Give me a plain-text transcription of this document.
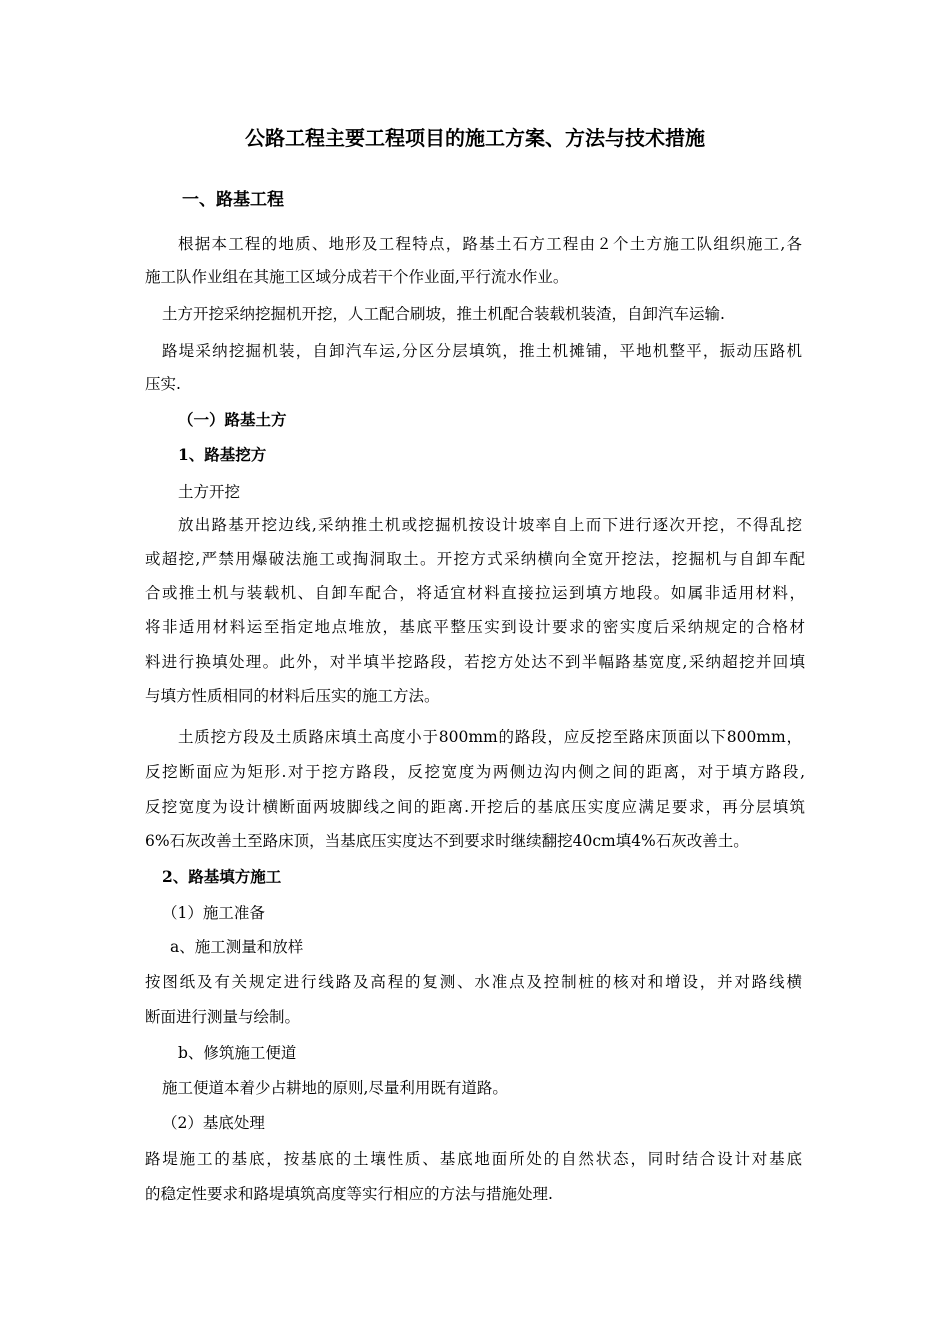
公路工程主要工程项目的施工方案、方法与技术措施
一、路基工程
根据本工程的地质、地形及工程特点，路基土石方工程由２个土方施工队组织施工,各
施工队作业组在其施工区域分成若干个作业面,平行流水作业。
土方开挖采纳挖掘机开挖，人工配合刷坡，推土机配合装载机装渣，自卸汽车运输.
路堤采纳挖掘机装，自卸汽车运,分区分层填筑，推土机摊铺，平地机整平，振动压路机
压实.
（一）路基土方
1、路基挖方
土方开挖
放出路基开挖边线,采纳推土机或挖掘机按设计坡率自上而下进行逐次开挖，不得乱挖
或超挖,严禁用爆破法施工或掏洞取土。开挖方式采纳横向全宽开挖法，挖掘机与自卸车配
合或推土机与装载机、自卸车配合，将适宜材料直接拉运到填方地段。如属非适用材料，
将非适用材料运至指定地点堆放，基底平整压实到设计要求的密实度后采纳规定的合格材
料进行换填处理。此外，对半填半挖路段，若挖方处达不到半幅路基宽度,采纳超挖并回填
与填方性质相同的材料后压实的施工方法。
土质挖方段及土质路床填土高度小于800mm的路段，应反挖至路床顶面以下800mm，
反挖断面应为矩形.对于挖方路段，反挖宽度为两侧边沟内侧之间的距离，对于填方路段,
反挖宽度为设计横断面两坡脚线之间的距离.开挖后的基底压实度应满足要求，再分层填筑
6%石灰改善土至路床顶，当基底压实度达不到要求时继续翻挖40cm填4%石灰改善土。
2、路基填方施工
（1）施工准备
a、施工测量和放样
按图纸及有关规定进行线路及高程的复测、水准点及控制桩的核对和增设，并对路线横
断面进行测量与绘制。
b、修筑施工便道
施工便道本着少占耕地的原则,尽量利用既有道路。
（2）基底处理
路堤施工的基底，按基底的土壤性质、基底地面所处的自然状态，同时结合设计对基底
的稳定性要求和路堤填筑高度等实行相应的方法与措施处理.
